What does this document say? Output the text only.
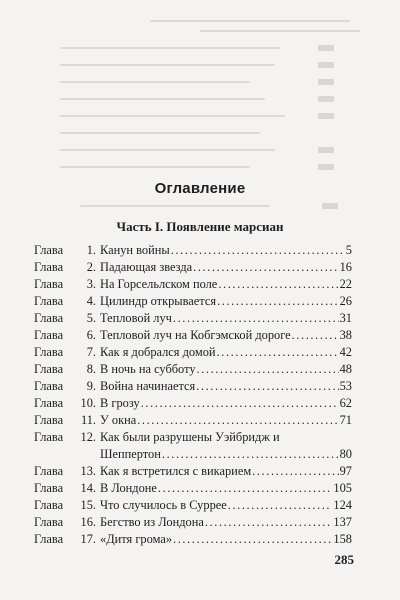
Оглавление
Часть I. Появление марсиан
Глава	1. Канун войны .....	5
Глава	2. Падающая звезда .....	16
Глава	3. На Горсельлском поле .....	22
Глава	4. Цилиндр открывается .....	26
Глава	5. Тепловой луч .....	31
Глава	6. Тепловой луч на Кобгэмской дороге .....	38
Глава	7. Как я добрался домой .....	42
Глава	8. В ночь на субботу .....	48
Глава	9. Война начинается .....	53
Глава	10. В грозу .....	62
Глава	11. У окна .....	71
Глава	12. Как были разрушены Уэйбридж и
Шеппертон .....	80
Глава	13. Как я встретился с викарием .....	97
Глава	14. В Лондоне .....	105
Глава	15. Что случилось в Суррее .....	124
Глава	16. Бегство из Лондона .....	137
Глава	17. «Дитя грома» .....	158
285
